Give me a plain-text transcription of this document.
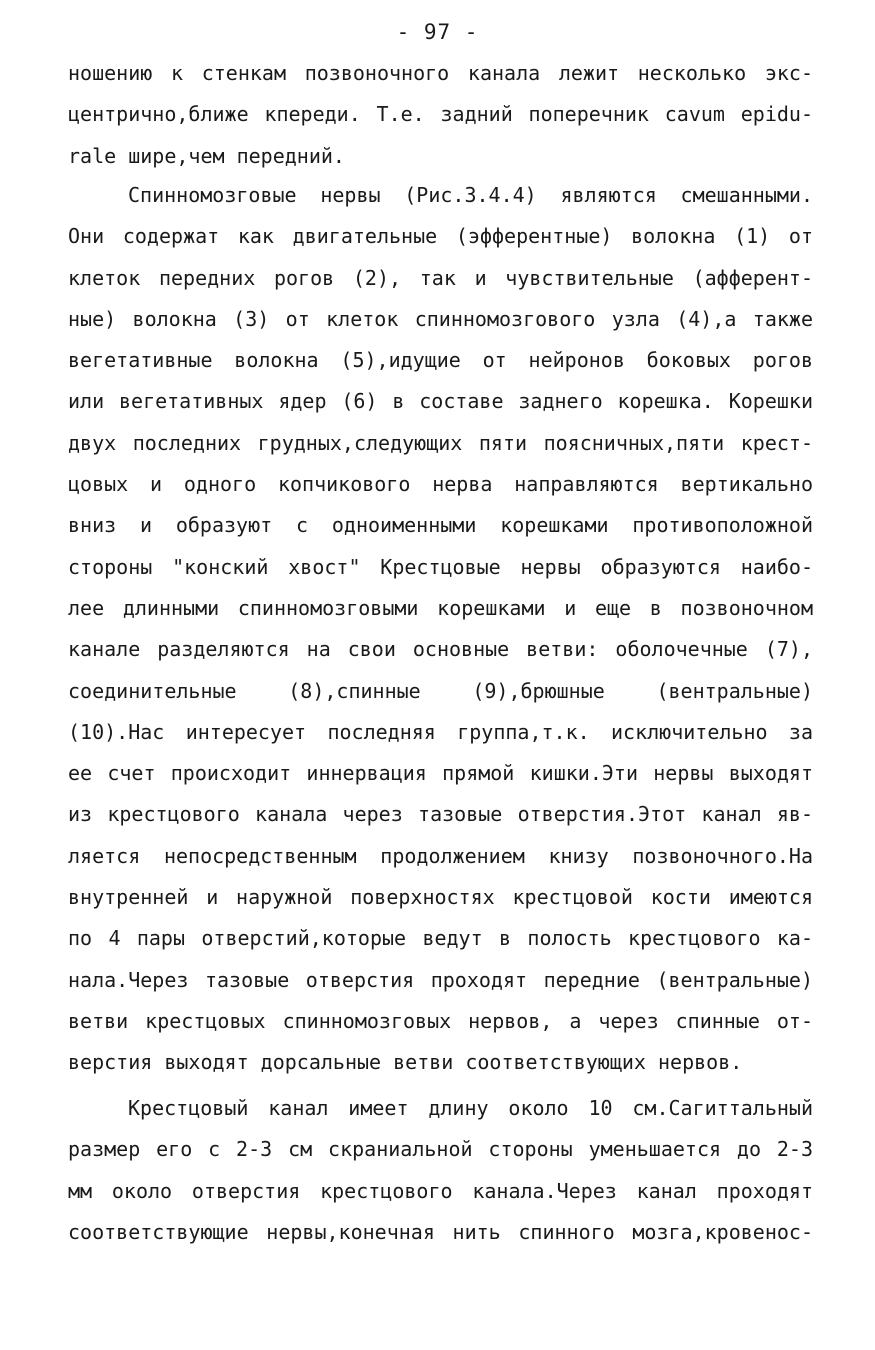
- 97 -
ношению к стенкам позвоночного канала лежит несколько экс-
центрично,ближе кпереди. Т.е. задний поперечник cavum epidu-
rale шире,чем передний.
Спинномозговые нервы (Рис.3.4.4) являются смешанными.
Они содержат как двигательные (эфферентные) волокна (1) от
клеток передних рогов (2), так и чувствительные (афферент-
ные) волокна (3) от клеток спинномозгового узла (4),а также
вегетативные волокна (5),идущие от нейронов боковых рогов
или вегетативных ядер (6) в составе заднего корешка. Корешки
двух последних грудных,следующих пяти поясничных,пяти крест-
цовых и одного копчикового нерва направляются вертикально
вниз и образуют с одноименными корешками противоположной
стороны "конский хвост" Крестцовые нервы образуются наибо-
лее длинными спинномозговыми корешками и еще в позвоночном
канале разделяются на свои основные ветви: оболочечные (7),
соединительные (8),спинные (9),брюшные (вентральные)
(10).Нас интересует последняя группа,т.к. исключительно за
ее счет происходит иннервация прямой кишки.Эти нервы выходят
из крестцового канала через тазовые отверстия.Этот канал яв-
ляется непосредственным продолжением книзу позвоночного.На
внутренней и наружной поверхностях крестцовой кости имеются
по 4 пары отверстий,которые ведут в полость крестцового ка-
нала.Через тазовые отверстия проходят передние (вентральные)
ветви крестцовых спинномозговых нервов, а через спинные от-
верстия выходят дорсальные ветви соответствующих нервов.
Крестцовый канал имеет длину около 10 см.Сагиттальный
размер его с 2-3 см скраниальной стороны уменьшается до 2-3
мм около отверстия крестцового канала.Через канал проходят
соответствующие нервы,конечная нить спинного мозга,кровенос-
